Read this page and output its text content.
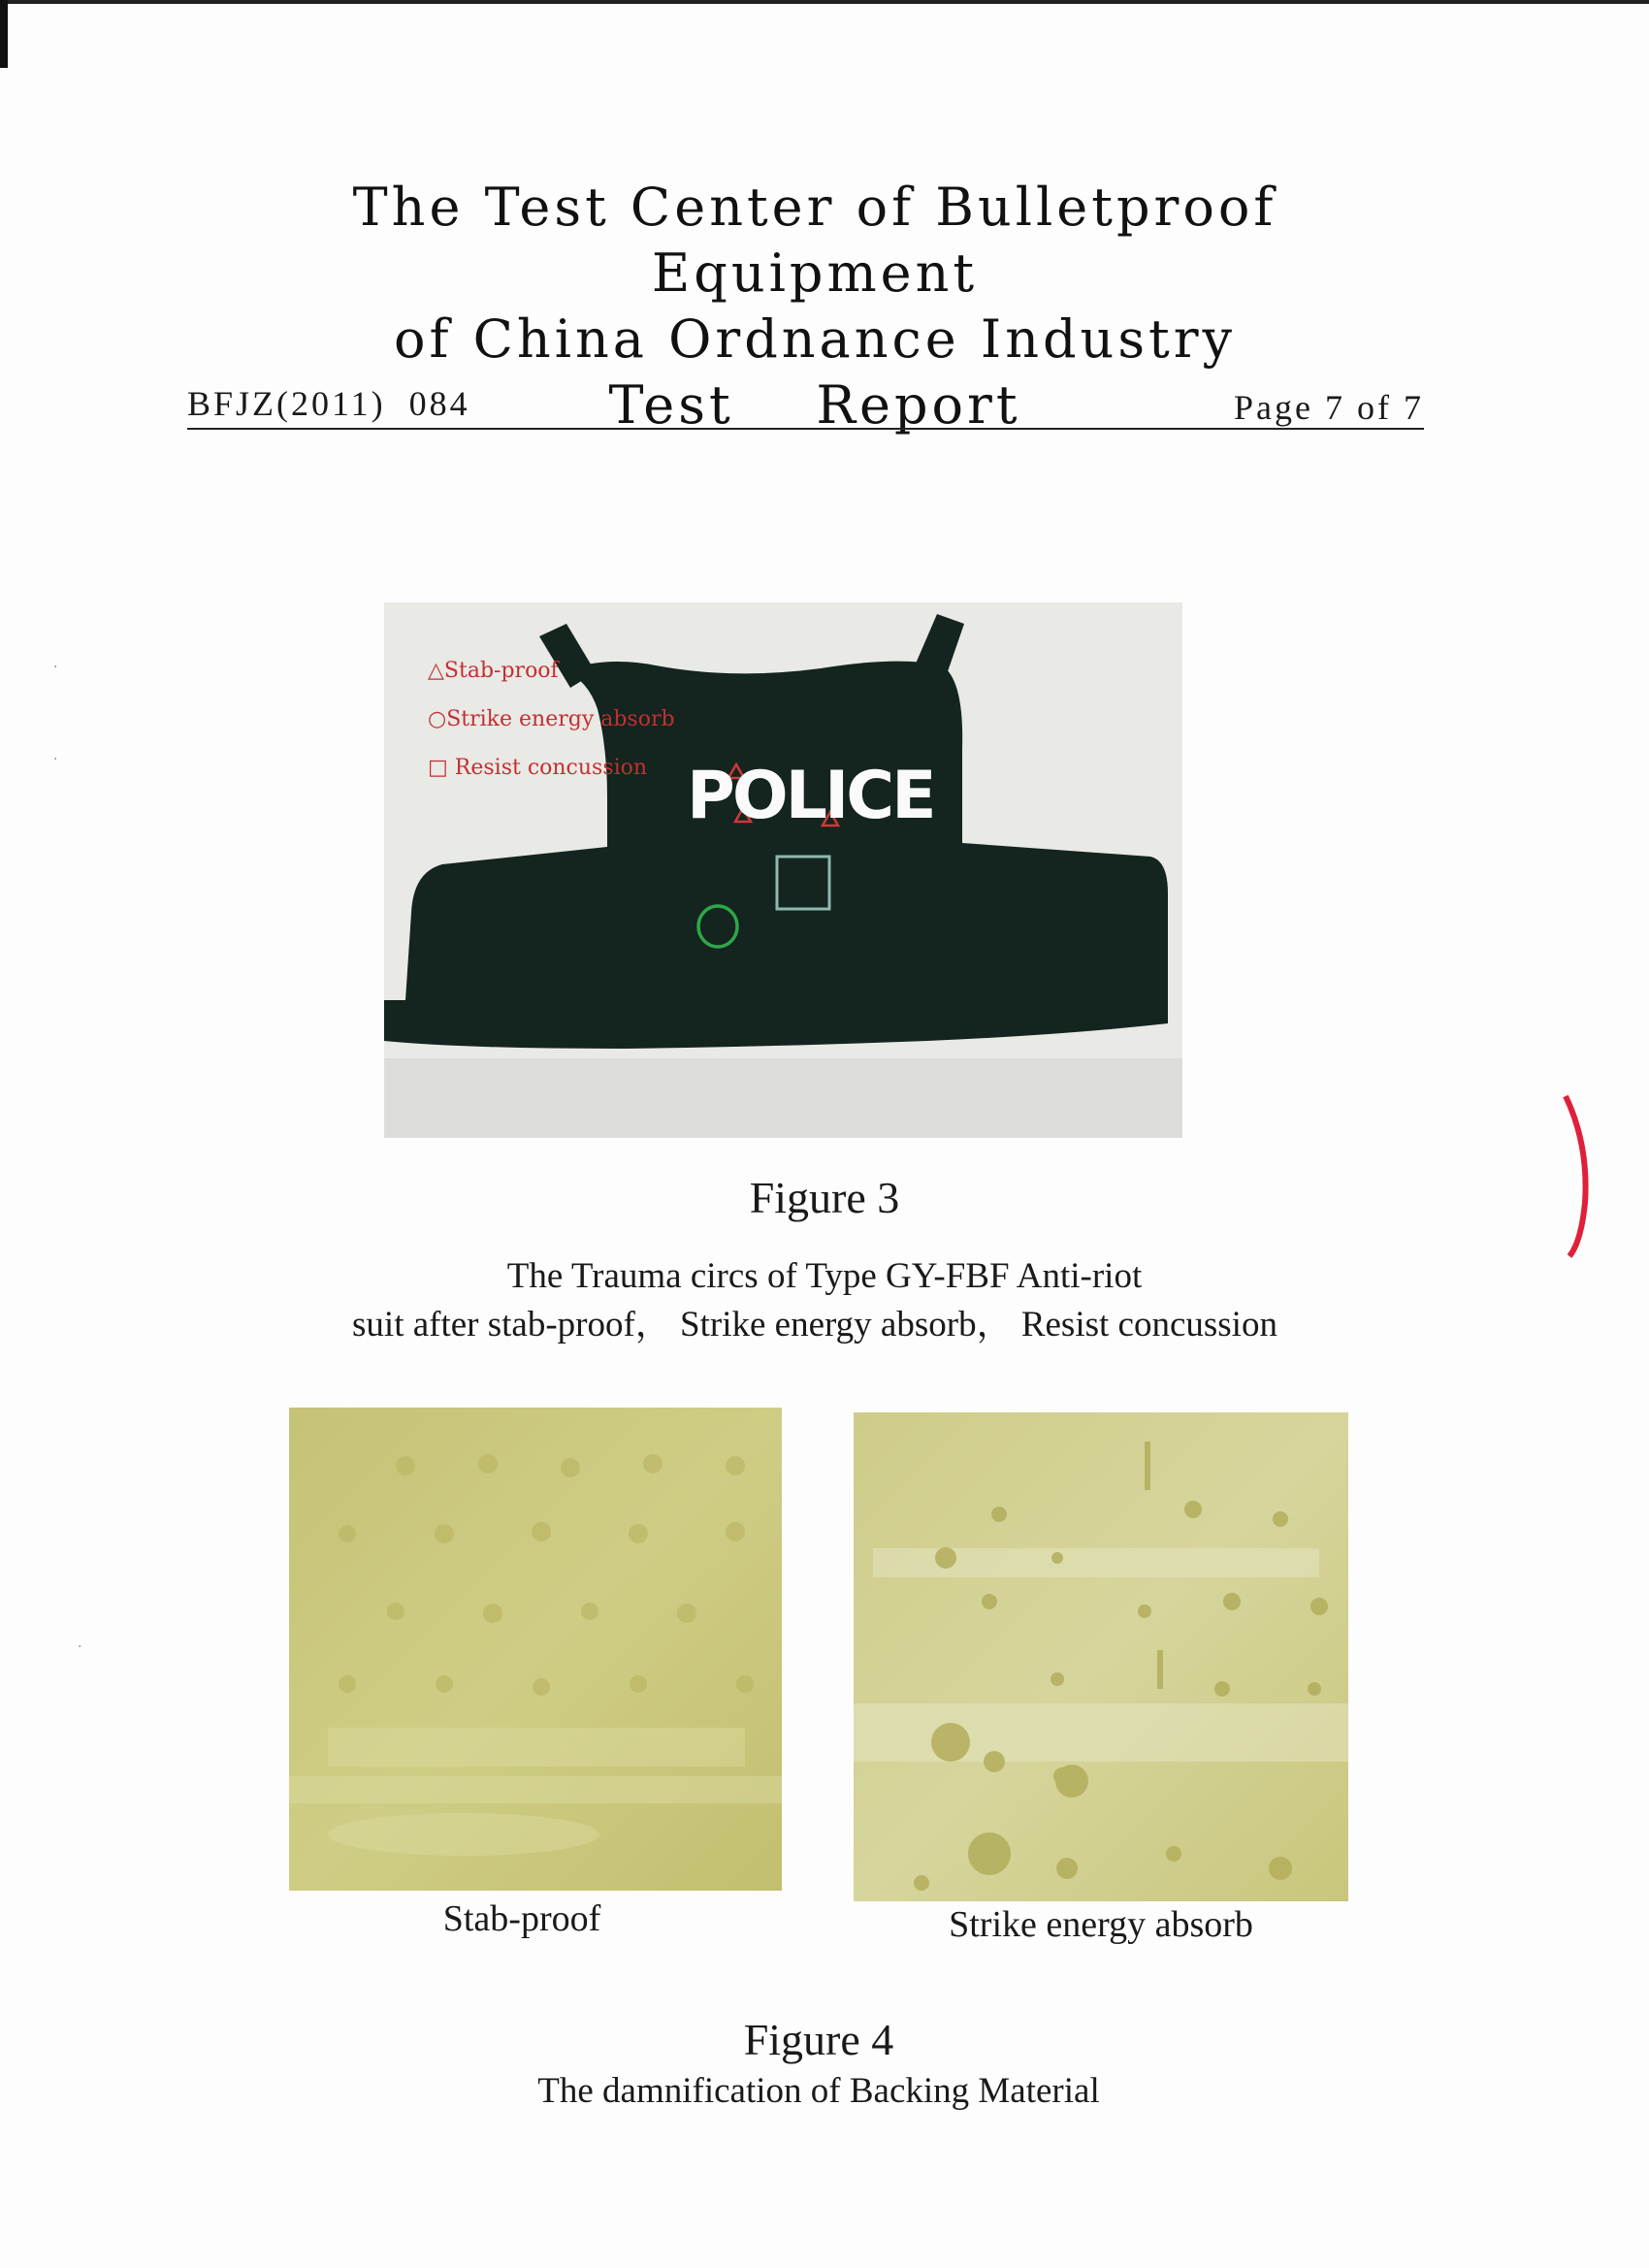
The Test Center of Bulletproof Equipment
of China Ordnance Industry
Test    Report
BFJZ(2011)  084	Page 7 of 7
△Stab-proof
○Strike energy absorb
□ Resist concussion POLICE
Figure 3
The Trauma circs of Type GY-FBF Anti-riot
suit after stab-proof， Strike energy absorb， Resist concussion
Stab-proof	Strike energy absorb
Figure 4
The damnification of Backing Material
·
·
·
